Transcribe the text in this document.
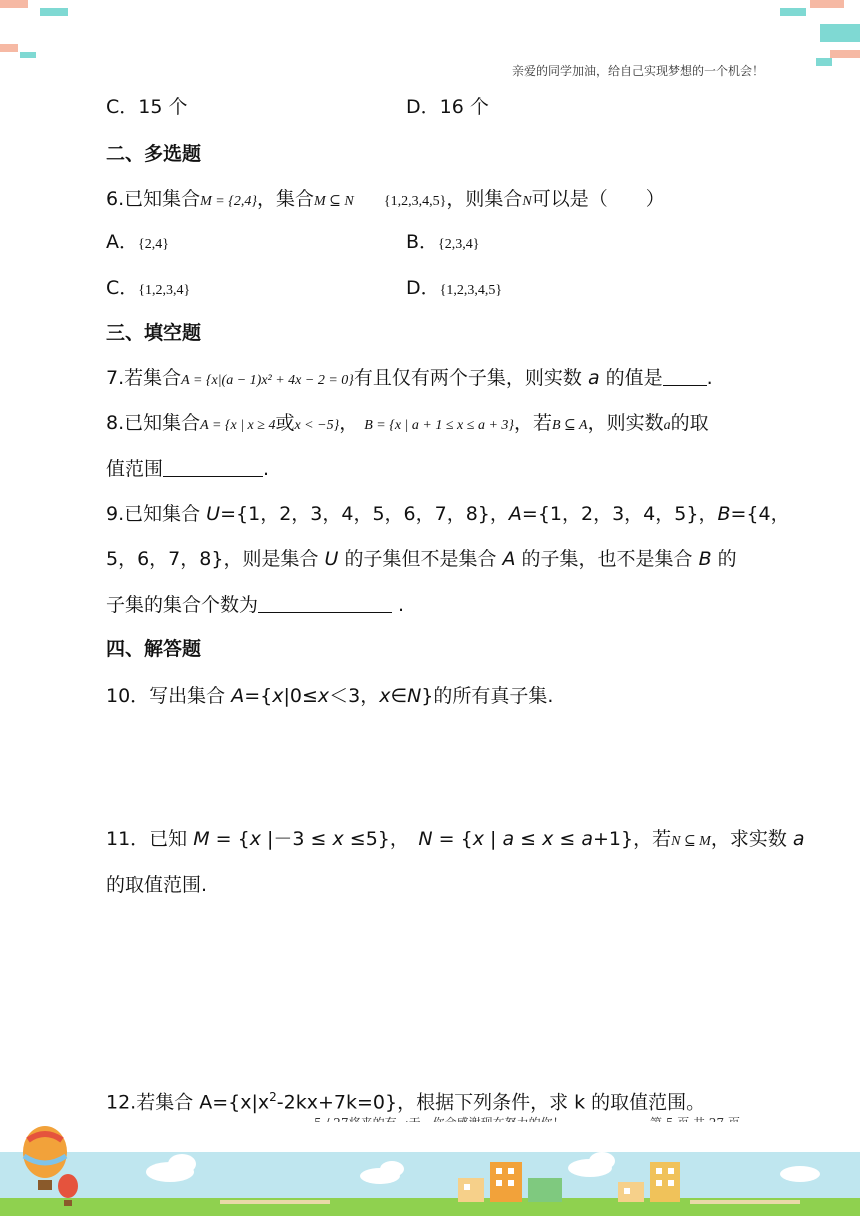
亲爱的同学加油，给自己实现梦想的一个机会！
C．15 个	D．16 个
二、多选题
6.已知集合M = {2,4}，集合M ⊆ N {1,2,3,4,5}，则集合N可以是（　　）
A．{2,4}	B．{2,3,4}
C．{1,2,3,4}	D．{1,2,3,4,5}
三、填空题
7.若集合A = {x|(a − 1)x² + 4x − 2 = 0}有且仅有两个子集，则实数 a 的值是 .
8.已知集合A = {x | x ≥ 4或x < −5}， B = {x | a + 1 ≤ x ≤ a + 3}，若B ⊆ A，则实数a的取
值范围	.
9.已知集合 U={1，2，3，4，5，6，7，8}，A={1，2，3，4，5}，B={4，
5，6，7，8}，则是集合 U 的子集但不是集合 A 的子集，也不是集合 B 的
子集的集合个数为	.
四、解答题
10．写出集合 A={x|0≤x＜3，x∈N}的所有真子集.
11．已知 M = {x |－3 ≤ x ≤5}，　N = {x | a ≤ x ≤ a+1}，若N ⊆ M，求实数 a
的取值范围.
12.若集合 $A=\{x|x^2-2kx+7k=0\}$，根据下列条件，求 k 的取值范围。
